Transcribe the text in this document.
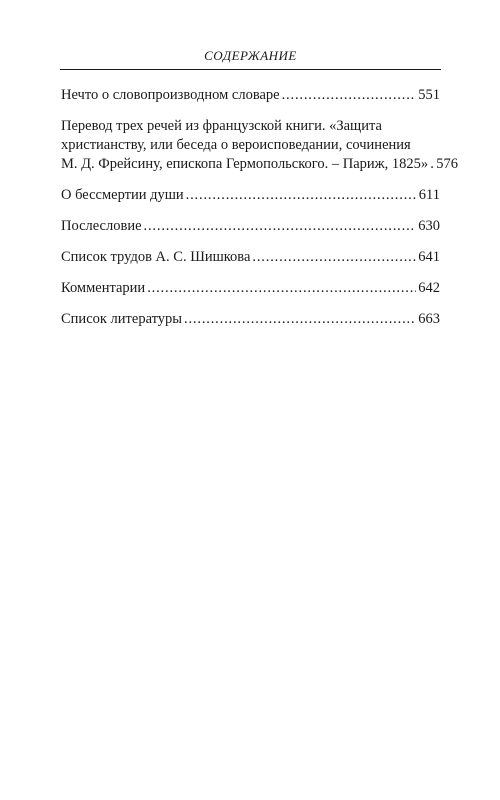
СОДЕРЖАНИЕ
Нечто о словопроизводном словаре . . .	551
Перевод трех речей из французской книги. «Защита
христианству, или беседа о вероисповедании, сочинения
М. Д. Фрейсину, епископа Гермопольского. – Париж, 1825» . . . 576
О бессмертии души . . .	611
Послесловие . . .	630
Список трудов А. С. Шишкова . . .	641
Комментарии . . .	642
Список литературы . . .	663
